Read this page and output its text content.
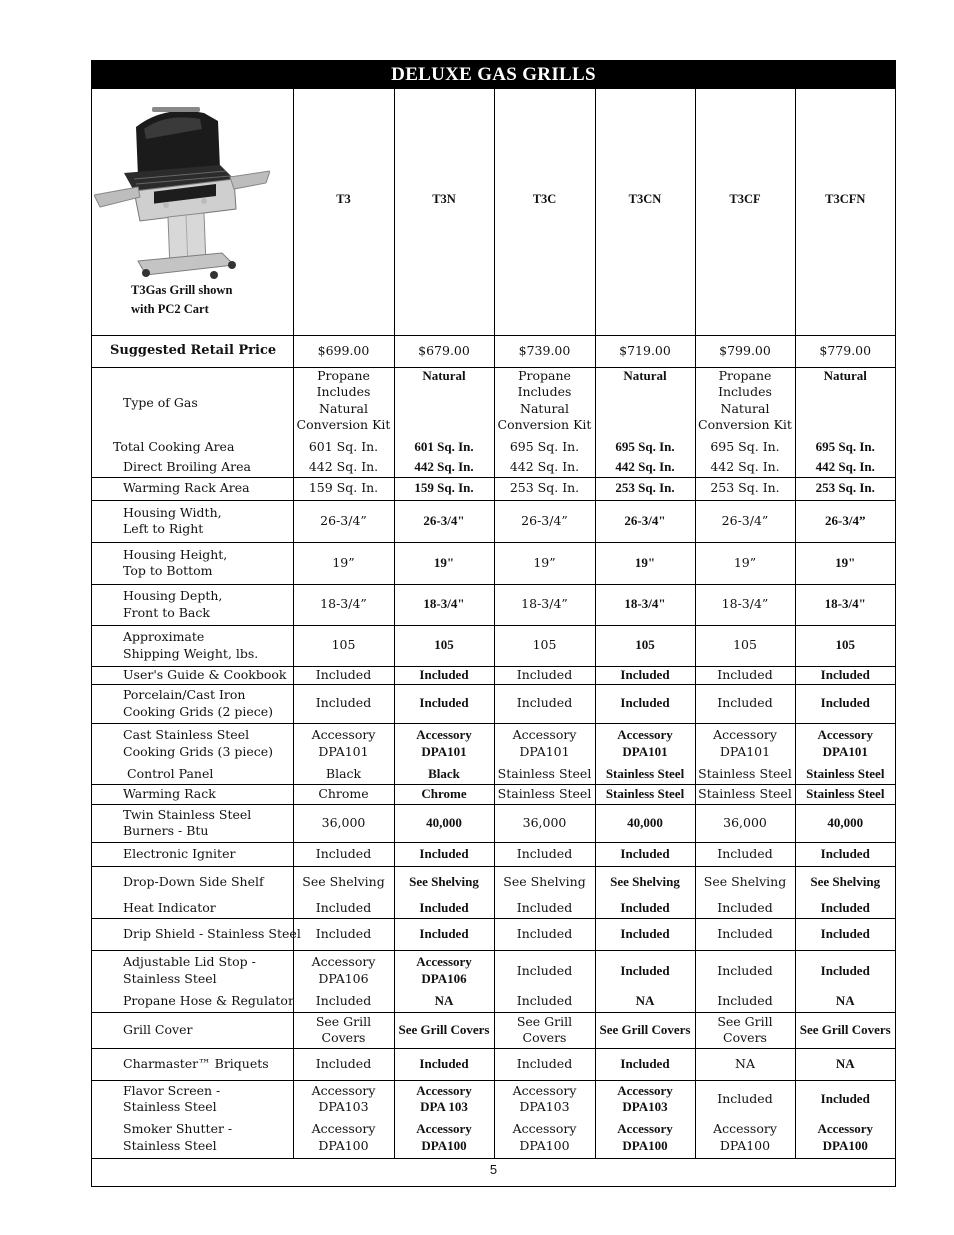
DELUXE GAS GRILLS
T3Gas Grill shown
with PC2 Cart	T3	T3N	T3C	T3CN	T3CF	T3CFN

Suggested Retail Price	$699.00	$679.00	$739.00	$719.00	$799.00	$779.00

Type of Gas	Propane
Includes
Natural
Conversion Kit	Natural	Propane
Includes
Natural
Conversion Kit	Natural	Propane
Includes
Natural
Conversion Kit	Natural

Total Cooking Area	601 Sq. In.	601 Sq. In.	695 Sq. In.	695 Sq. In.	695 Sq. In.	695 Sq. In.

Direct Broiling Area	442 Sq. In.	442 Sq. In.	442 Sq. In.	442 Sq. In.	442 Sq. In.	442 Sq. In.

Warming Rack Area	159 Sq. In.	159 Sq. In.	253 Sq. In.	253 Sq. In.	253 Sq. In.	253 Sq. In.

Housing Width,
Left to Right	26-3/4”	26-3/4"	26-3/4”	26-3/4"	26-3/4”	26-3/4”

Housing Height,
Top to Bottom	19”	19"	19”	19"	19”	19"

Housing Depth,
Front to Back	18-3/4”	18-3/4"	18-3/4”	18-3/4"	18-3/4”	18-3/4"

Approximate
Shipping Weight, lbs.	105	105	105	105	105	105

User's Guide & Cookbook	Included	Included	Included	Included	Included	Included

Porcelain/Cast Iron
Cooking Grids (2 piece)	Included	Included	Included	Included	Included	Included

Cast Stainless Steel
Cooking Grids (3 piece)	Accessory
DPA101	Accessory
DPA101	Accessory
DPA101	Accessory
DPA101	Accessory
DPA101	Accessory
DPA101

Control Panel	Black	Black	Stainless Steel	Stainless Steel	Stainless Steel	Stainless Steel

Warming Rack	Chrome	Chrome	Stainless Steel	Stainless Steel	Stainless Steel	Stainless Steel

Twin Stainless Steel
Burners - Btu	36,000	40,000	36,000	40,000	36,000	40,000

Electronic Igniter	Included	Included	Included	Included	Included	Included

Drop-Down Side Shelf	See Shelving	See Shelving	See Shelving	See Shelving	See Shelving	See Shelving

Heat Indicator	Included	Included	Included	Included	Included	Included

Drip Shield - Stainless Steel	Included	Included	Included	Included	Included	Included

Adjustable Lid Stop -
Stainless Steel	Accessory
DPA106	Accessory
DPA106	Included	Included	Included	Included

Propane Hose & Regulator	Included	NA	Included	NA	Included	NA

Grill Cover	See Grill Covers	See Grill Covers	See Grill Covers	See Grill Covers	See Grill Covers	See Grill Covers

Charmaster™ Briquets	Included	Included	Included	Included	NA	NA

Flavor Screen -
Stainless Steel	Accessory
DPA103	Accessory
DPA 103	Accessory
DPA103	Accessory
DPA103	Included	Included

Smoker Shutter -
Stainless Steel	Accessory
DPA100	Accessory
DPA100	Accessory
DPA100	Accessory
DPA100	Accessory
DPA100	Accessory
DPA100

5
